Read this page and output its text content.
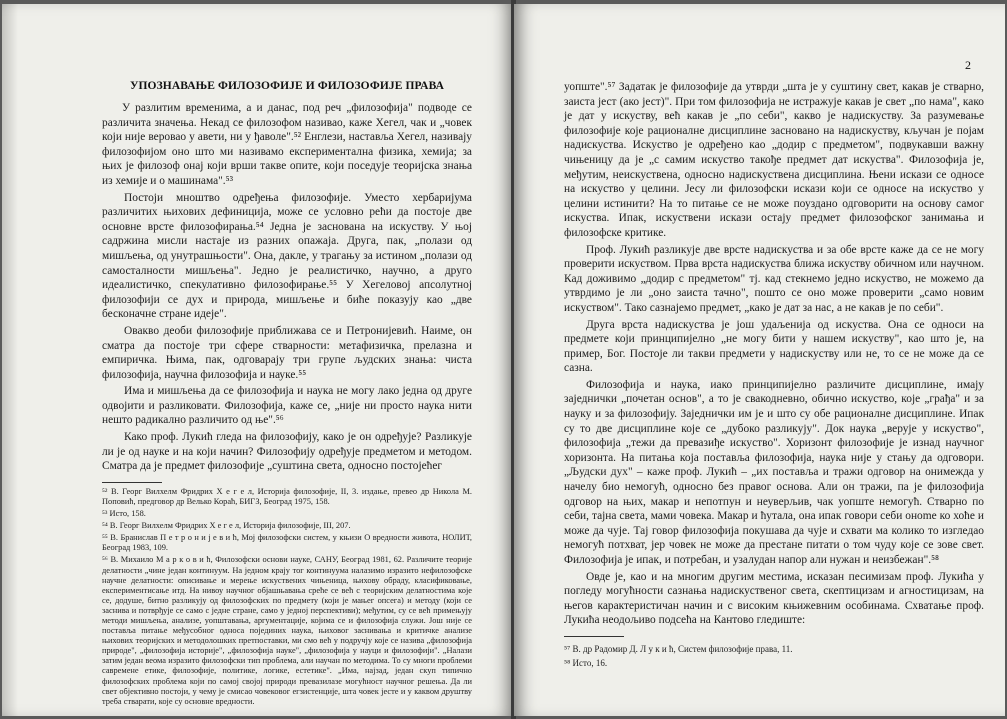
УПОЗНАВАЊЕ ФИЛОЗОФИЈЕ И ФИЛОЗОФИЈЕ ПРАВА

У разлитим временима, а и данас, под реч „филозофија" подводе се различита значења. Некад се филозофом називао, каже Хегел, чак и „човек који није веровао у авети, ни у ђаволе".⁵² Енглези, наставља Хегел, називају филозофијом оно што ми називамо експериментална физика, хемија; за њих је филозоф онај који врши такве опите, који поседује теоријска знања из хемије и о машинама".⁵³

Постоји мноштво одређења филозофије. Уместо хербаријума различитих њихових дефиниција, може се условно рећи да постоје две основне врсте филозофирања.⁵⁴ Једна је заснована на искуству. У њој садржина мисли настаје из разних опажаја. Друга, пак, „полази од мишљења, од унутрашњости". Она, дакле, у трагању за истином „полази од самосталности мишљења". Једно је реалистичко, научно, а друго идеалистичко, спекулативно филозофирање.⁵⁵ У Хегеловој апсолутној филозофији се дух и природа, мишљење и биће показују као „две бесконачне стране идеје".

Овакво деоби филозофије приближава се и Петронијевић. Наиме, он сматра да постоје три сфере стварности: метафизичка, прелазна и емпиричка. Њима, пак, одговарају три групе људских знања: чиста филозофија, научна филозофија и науке.⁵⁵

Има и мишљења да се филозофија и наука не могу лако једна од друге одвојити и разликовати. Филозофија, каже се, „није ни просто наука нити нешто радикално различито од ње".⁵⁶

Како проф. Лукић гледа на филозофију, како је он одређује? Разликује ли је од науке и на који начин? Филозофију одређује предметом и методом. Сматра да је предмет филозофије „суштина света, односно постојећег

⁵² В. Георг Вилхелм Фридрих Х е г е л, Историја филозофије, II, 3. издање, превео др Никола М. Поповић, предговор др Велько Кораћ, БИГЗ, Београд 1975, 158.

⁵³ Исто, 158.

⁵⁴ В. Георг Вилхелм Фридрих Х е г е л, Историја филозофије, III, 207.

⁵⁵ В. Бранислав П е т р о н и ј е в и ћ, Мој филозофски систем, у књизи О вредности живота, НОЛИТ, Београд 1983, 109.

⁵⁶ В. Михаило М а р к о в и ћ, Филозофски основи науке, САНУ, Београд 1981, 62. Различите теорије делатности „чине један континуум. На једном крају тог континуума налазимо изразито нефилозофске научне делатности: описивање и мерење искуствених чињеница, њихову обраду, класификовање, експериментисање итд. На нивоу научног објашњавања среће се већ с теоријским делатностима које се, додуше, битно разликују од филозофских по предмету (који је мањег опсега) и методу (који се заснива и потврђује се само с једне стране, само у једној перспективи); међутим, су се већ примењују методи мишљења, анализе, уопштавања, аргументације, којима се и филозофија служи. Још није се поставља питање међусобног односа појединих наука, њиховог заснивања и критичке анализе њихових теоријских и методолошких претпоставки, ми смо већ у подручју које се назива „филозофија природе", „филозофија историје", „филозофија науке", „филозофија у науци и филозофији". „Налази затим један веома изразито филозофски тип проблема, али научан по методима. То су многи проблеми савремене етике, филозофије, политике, логике, естетике". „Има, најзад, један скуп типично филозофских проблема који по самој својој природи превазилазе могућност научног решења. Да ли свет објективно постоји, у чему је смисао човековог егзистенције, шта човек јесте и у каквом друштву треба стварати, које су основне вредности.

2

уопште".⁵⁷ Задатак је филозофије да утврди „шта је у суштину свет, какав је стварно, заиста јест (ако јест)". При том филозофија не истражује какав је свет „по нама", како је дат у искуству, већ какав је „по себи", какво је надискуству. За разумевање филозофије које рационалне дисциплине засновано на надискуству, кључан је појам надискуства. Искуство је одређено као „додир с предметом", подвукавши важну чињеницу да је „с самим искуство такође предмет дат искуства". Филозофија је, међутим, неискуствена, односно надискуствена дисциплина. Њени искази се односе на искуство у целини. Јесу ли филозофски искази који се односе на искуство у целини истинити? На то питање се не може поуздано одговорити на основу самог искуства. Ипак, искуствени искази остају предмет филозофског занимања и филозофске критике.

Проф. Лукић разликује две врсте надискуства и за обе врсте каже да се не могу проверити искуством. Прва врста надискуства ближа искуству обичном или научном. Кад доживимо „додир с предметом" тј. кад стекнемо једно искуство, не можемо да утврдимо је ли „оно заиста тачно", пошто се оно може проверити „само новим искуством". Тако сазнајемо предмет, „како је дат за нас, а не какав је по себи".

Друга врста надискуства је још удаљенија од искуства. Она се односи на предмете који принципијелно „не могу бити у нашем искуству", као што је, на пример, Бог. Постоје ли такви предмети у надискуству или не, то се не може да се сазна.

Филозофија и наука, иако принципијелно различите дисциплине, имају заједнички „почетан основ", а то је свакодневно, обично искуство, које „грађа" и за науку и за филозофију. Заједнички им је и што су обе рационалне дисциплине. Ипак су то две дисциплине које се „дубоко разликују". Док наука „верује у искуство", филозофија „тежи да превазиђе искуство". Хоризонт филозофије је изнад научног хоризонта. На питања која поставља филозофија, наука није у стању да одговори. „Људски дух" – каже проф. Лукић – „их поставља и тражи одговор на онимежда у начелу био немогућ, односно без правог основа. Али он тражи, па је филозофија одговор на њих, макар и непотпун и неуверљив, чак уопште немогућ. Стварно по себи, тајна света, мами човека. Макар и ћутала, она ипак говори себи онome ко хоће и може да чује. Тај говор филозофија покушава да чује и схвати ма колико то изгледао немогућ потхват, јер човек не може да престане питати о том чуду које се зове свет. Филозофија је ипак, и потребан, и узалудан напор али нужан и неизбежан".⁵⁸

Овде је, као и на многим другим местима, исказан песимизам проф. Лукића у погледу могућности сазнања надискуственог света, скептицизам и агностицизам, на његов карактеристичан начин и с високим књижевним особинама. Схватање проф. Лукића неодољиво подсећа на Кантово гледиште:

⁵⁷ В. др Радомир Д. Л у к и ћ, Систем филозофије права, 11.

⁵⁸ Исто, 16.
